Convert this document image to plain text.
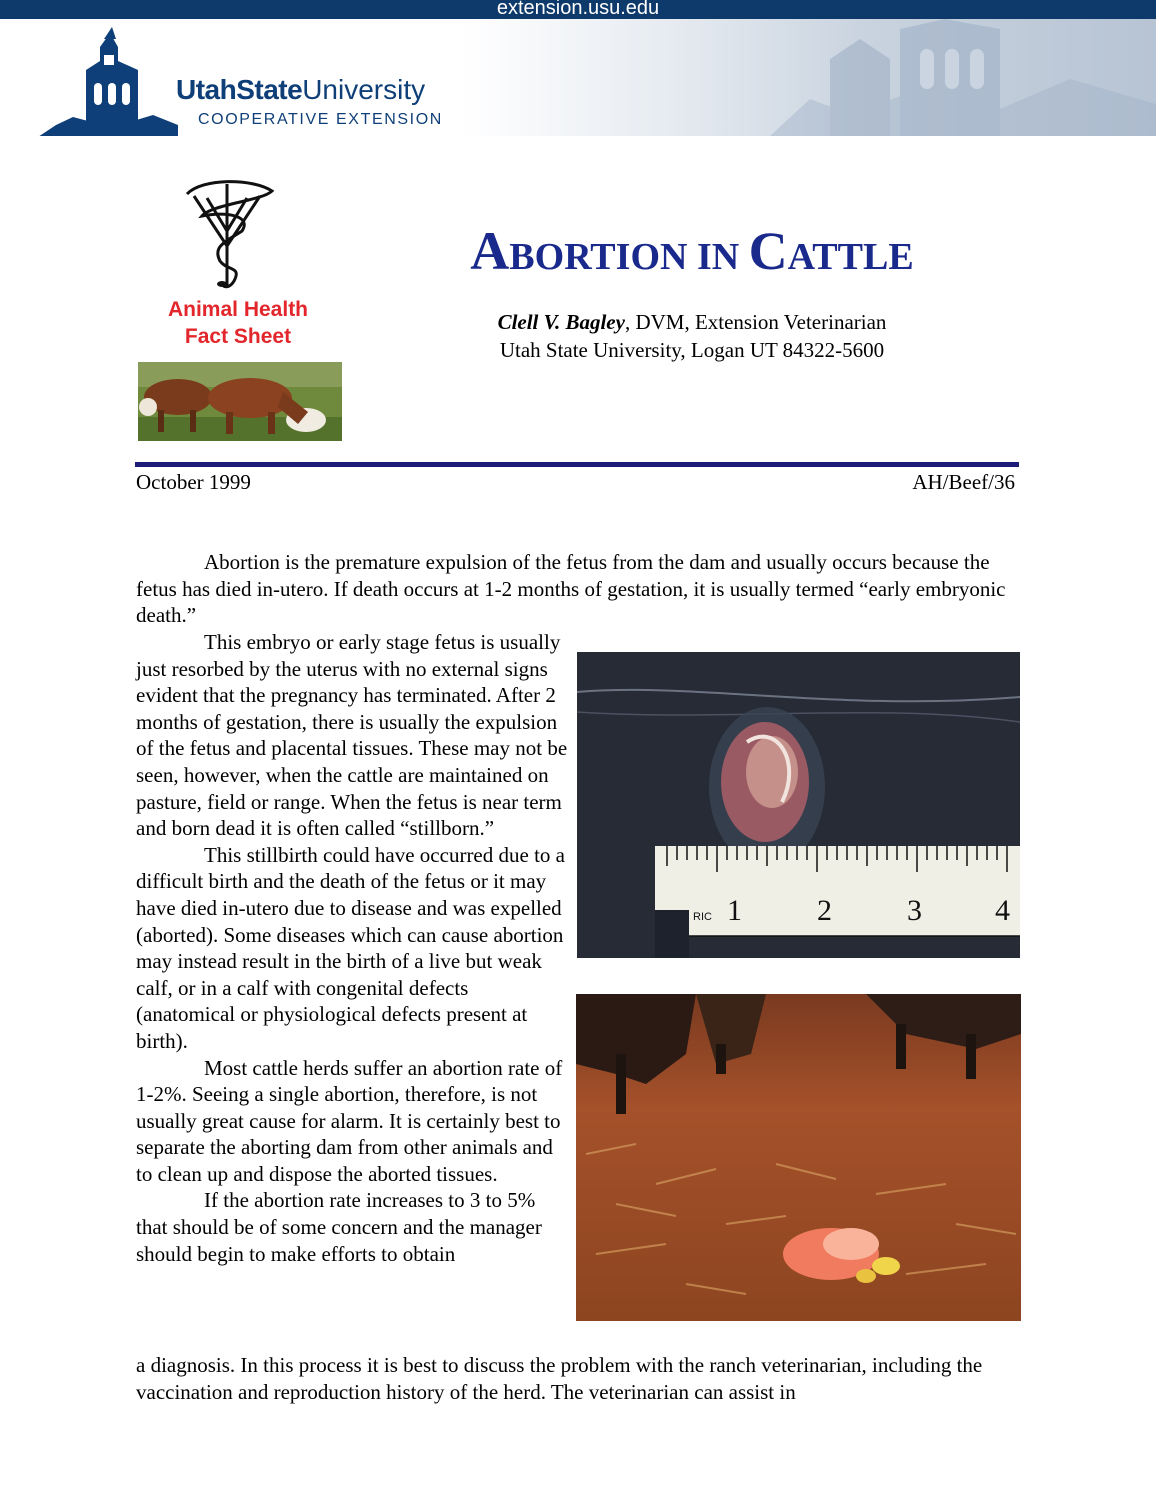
extension.usu.edu
UtahStateUniversity
COOPERATIVE EXTENSION
Animal Health
Fact Sheet
ABORTION IN CATTLE
Clell V. Bagley, DVM, Extension Veterinarian
Utah State University, Logan UT 84322-5600
October 1999	AH/Beef/36

Abortion is the premature expulsion of the fetus from the dam and usually occurs because the fetus has died in-utero. If death occurs at 1-2 months of gestation, it is usually termed “early embryonic death.”

This embryo or early stage fetus is usually just resorbed by the uterus with no external signs evident that the pregnancy has terminated. After 2 months of gestation, there is usually the expulsion of the fetus and placental tissues. These may not be seen, however, when the cattle are maintained on pasture, field or range. When the fetus is near term and born dead it is often called “stillborn.”

This stillbirth could have occurred due to a difficult birth and the death of the fetus or it may have died in-utero due to disease and was expelled (aborted). Some diseases which can cause abortion may instead result in the birth of a live but weak calf, or in a calf with congenital defects (anatomical or physiological defects present at birth).

Most cattle herds suffer an abortion rate of 1-2%. Seeing a single abortion, therefore, is not usually great cause for alarm. It is certainly best to separate the aborting dam from other animals and to clean up and dispose the aborted tissues.

If the abortion rate increases to 3 to 5% that should be of some concern and the manager should begin to make efforts to obtain

a diagnosis. In this process it is best to discuss the problem with the ranch veterinarian, including the vaccination and reproduction history of the herd. The veterinarian can assist in

RIC 1	2	3 4
